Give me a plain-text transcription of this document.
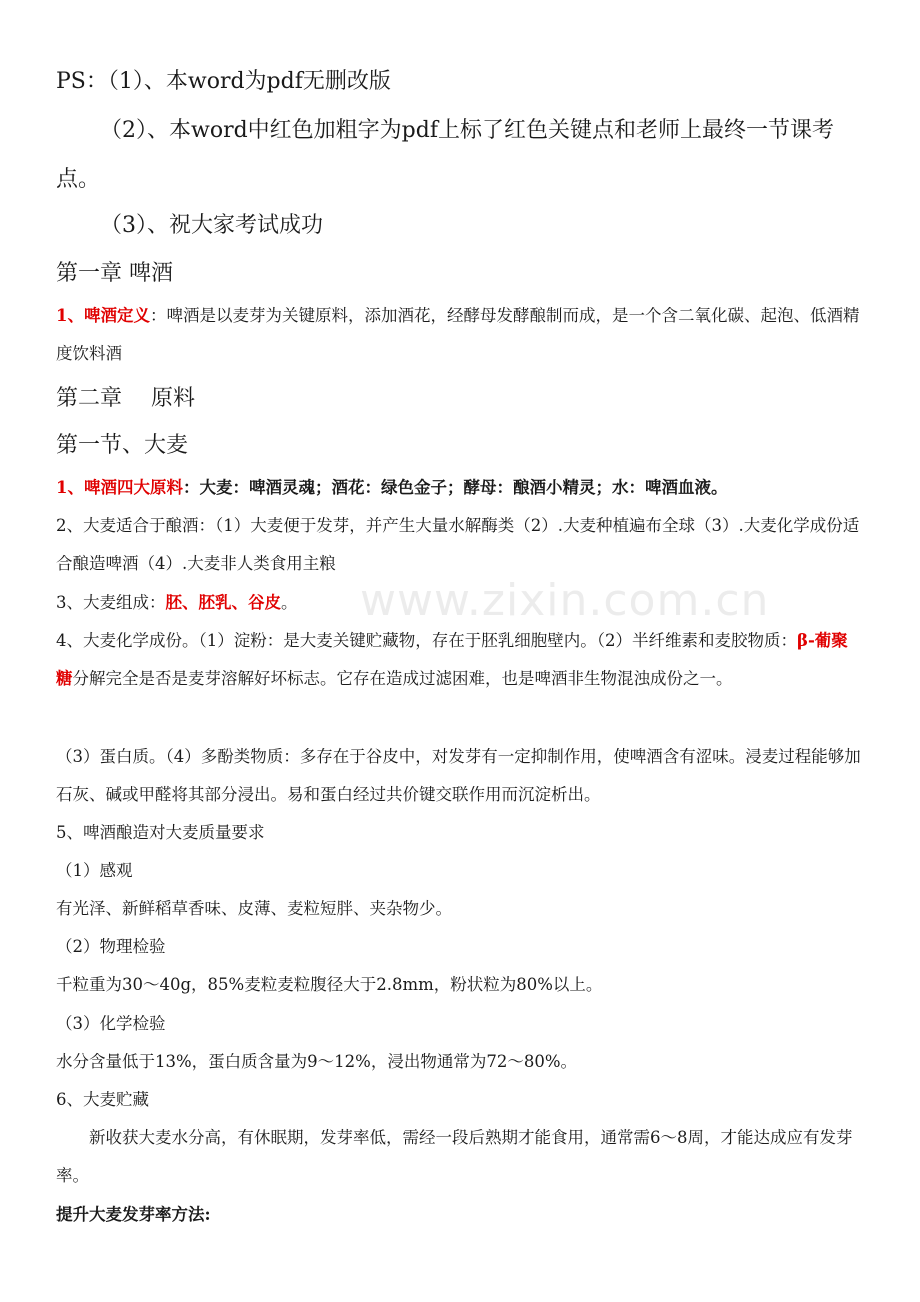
www.zixin.com.cn

PS：（1）、本word为pdf无删改版

（2）、本word中红色加粗字为pdf上标了红色关键点和老师上最终一节课考点。

（3）、祝大家考试成功

第一章 啤酒

1、啤酒定义：啤酒是以麦芽为关键原料，添加酒花，经酵母发酵酿制而成，是一个含二氧化碳、起泡、低酒精度饮料酒

第二章　 原料

第一节、大麦

1、啤酒四大原料：大麦：啤酒灵魂；酒花：绿色金子；酵母：酿酒小精灵；水：啤酒血液。

2、大麦适合于酿酒：（1）大麦便于发芽，并产生大量水解酶类（2）.大麦种植遍布全球（3）.大麦化学成份适合酿造啤酒（4）.大麦非人类食用主粮

3、大麦组成：胚、胚乳、谷皮。

4、大麦化学成份。（1）淀粉：是大麦关键贮藏物，存在于胚乳细胞壁内。（2）半纤维素和麦胶物质：β-葡聚糖分解完全是否是麦芽溶解好坏标志。它存在造成过滤困难，也是啤酒非生物混浊成份之一。

（3）蛋白质。（4）多酚类物质：多存在于谷皮中，对发芽有一定抑制作用，使啤酒含有涩味。浸麦过程能够加石灰、碱或甲醛将其部分浸出。易和蛋白经过共价键交联作用而沉淀析出。

5、啤酒酿造对大麦质量要求

（1）感观

有光泽、新鲜稻草香味、皮薄、麦粒短胖、夹杂物少。

（2）物理检验

千粒重为30～40g，85%麦粒麦粒腹径大于2.8mm，粉状粒为80%以上。

（3）化学检验

水分含量低于13%，蛋白质含量为9～12%，浸出物通常为72～80%。

6、大麦贮藏

新收获大麦水分高，有休眠期，发芽率低，需经一段后熟期才能食用，通常需6～8周，才能达成应有发芽率。

提升大麦发芽率方法:
